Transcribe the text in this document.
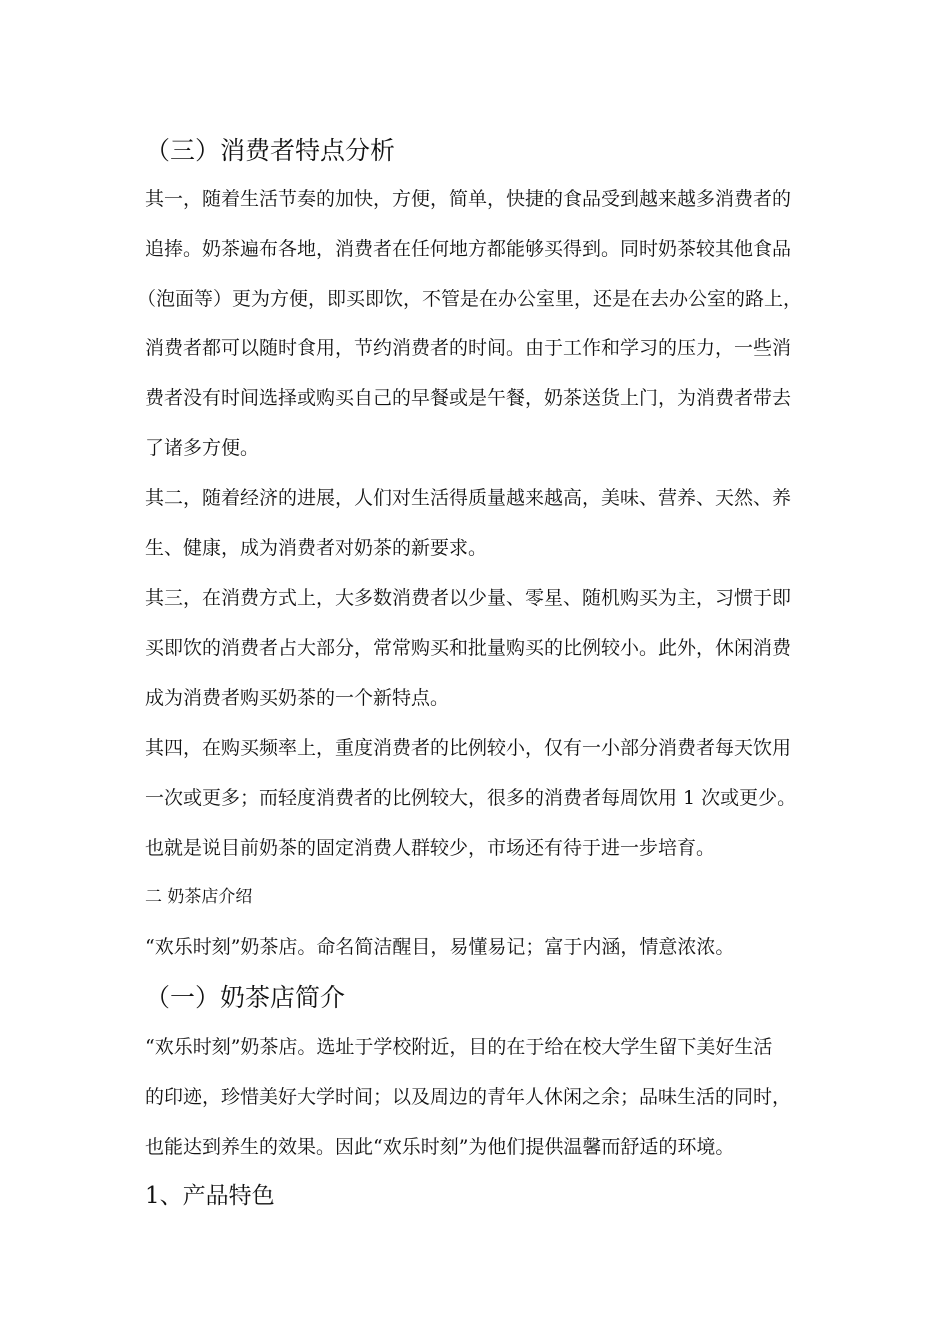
（三）消费者特点分析
其一，随着生活节奏的加快，方便，简单，快捷的食品受到越来越多消费者的
追捧。奶茶遍布各地，消费者在任何地方都能够买得到。同时奶茶较其他食品
（泡面等）更为方便，即买即饮，不管是在办公室里，还是在去办公室的路上，
消费者都可以随时食用，节约消费者的时间。由于工作和学习的压力，一些消
费者没有时间选择或购买自己的早餐或是午餐，奶茶送货上门，为消费者带去
了诸多方便。
其二，随着经济的进展，人们对生活得质量越来越高，美味、营养、天然、养
生、健康，成为消费者对奶茶的新要求。
其三，在消费方式上，大多数消费者以少量、零星、随机购买为主，习惯于即
买即饮的消费者占大部分，常常购买和批量购买的比例较小。此外，休闲消费
成为消费者购买奶茶的一个新特点。
其四，在购买频率上，重度消费者的比例较小，仅有一小部分消费者每天饮用
一次或更多；而轻度消费者的比例较大，很多的消费者每周饮用 1 次或更少。
也就是说目前奶茶的固定消费人群较少，市场还有待于进一步培育。
二 奶茶店介绍
“欢乐时刻”奶茶店。命名简洁醒目，易懂易记；富于内涵，情意浓浓。
（一）奶茶店简介
“欢乐时刻”奶茶店。选址于学校附近，目的在于给在校大学生留下美好生活
的印迹，珍惜美好大学时间；以及周边的青年人休闲之余；品味生活的同时，
也能达到养生的效果。因此“欢乐时刻”为他们提供温馨而舒适的环境。
1、产品特色
